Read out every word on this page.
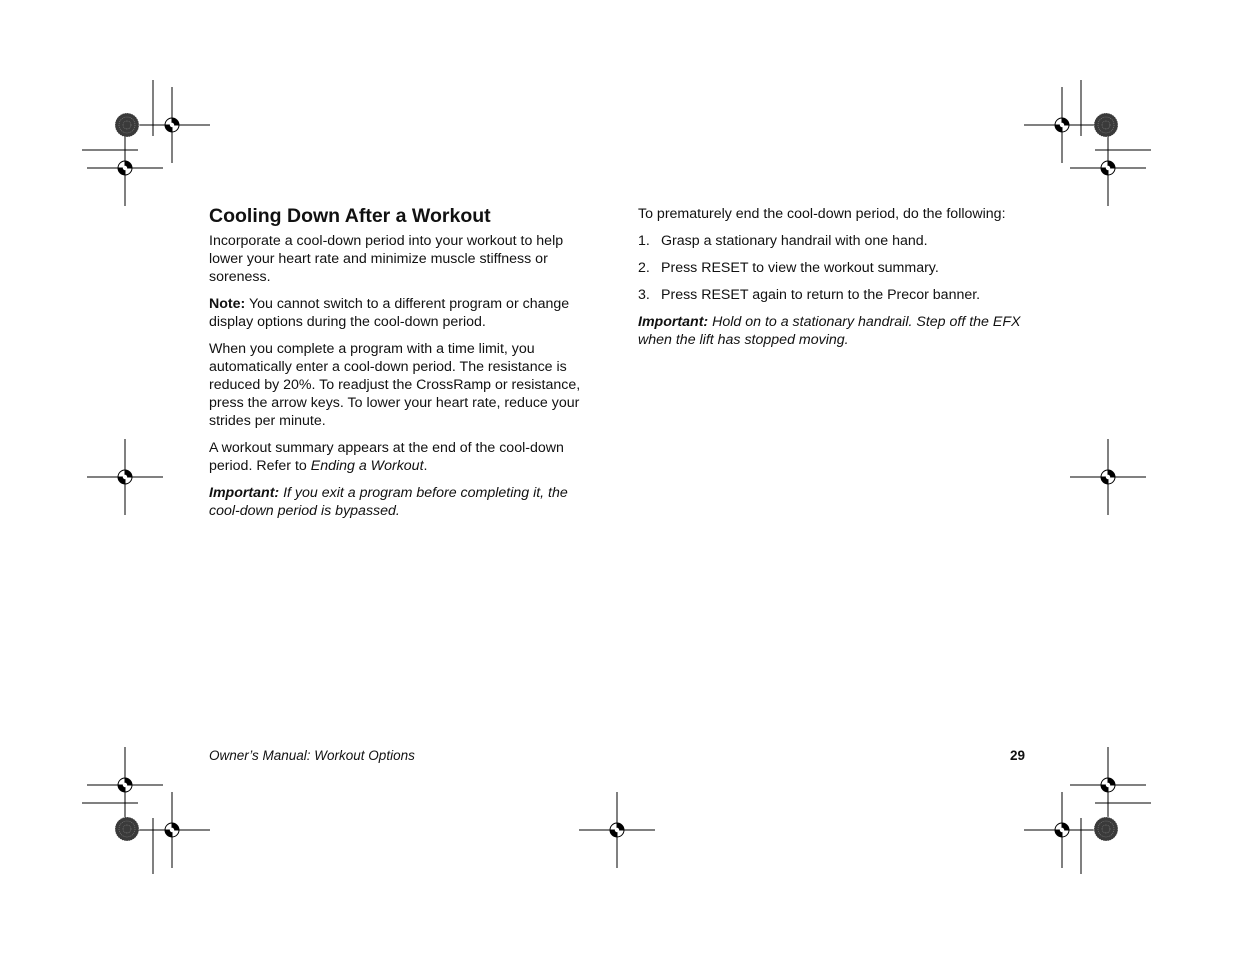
Cooling Down After a Workout

Incorporate a cool-down period into your workout to help lower your heart rate and minimize muscle stiffness or soreness.

Note: You cannot switch to a different program or change display options during the cool-down period.

When you complete a program with a time limit, you automatically enter a cool-down period. The resistance is reduced by 20%. To readjust the CrossRamp or resistance, press the arrow keys. To lower your heart rate, reduce your strides per minute.

A workout summary appears at the end of the cool-down period. Refer to Ending a Workout.

Important: If you exit a program before completing it, the cool-down period is bypassed.

To prematurely end the cool-down period, do the following:

1. Grasp a stationary handrail with one hand.
2. Press RESET to view the workout summary.
3. Press RESET again to return to the Precor banner.

Important: Hold on to a stationary handrail. Step off the EFX when the lift has stopped moving.

Owner’s Manual: Workout Options	29
